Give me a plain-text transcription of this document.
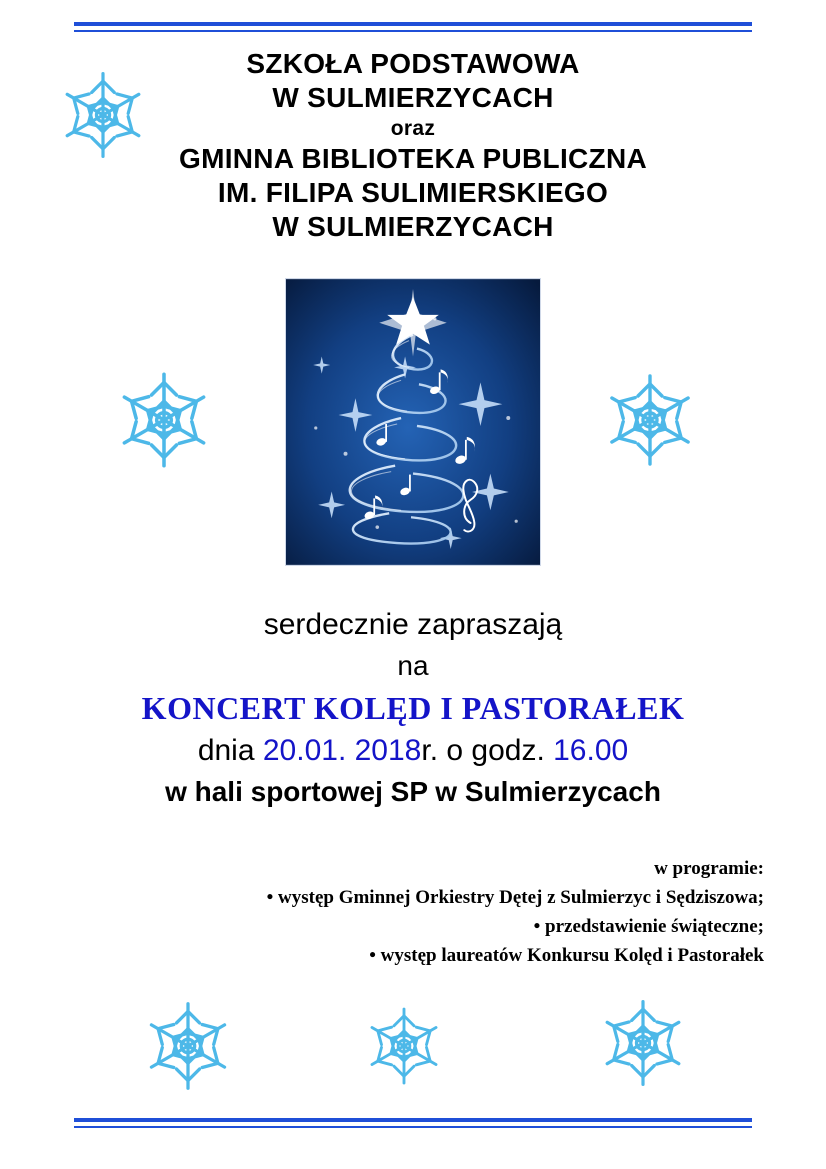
SZKOŁA PODSTAWOWA
W SULMIERZYCACH
oraz
GMINNA BIBLIOTEKA PUBLICZNA
IM. FILIPA SULIMIERSKIEGO
W SULMIERZYCACH
serdecznie zapraszają
na
KONCERT KOLĘD I PASTORAŁEK
dnia 20.01. 2018r. o godz. 16.00
w hali sportowej SP w Sulmierzycach
w programie:
• występ Gminnej Orkiestry Dętej z Sulmierzyc i Sędziszowa;
• przedstawienie świąteczne;
• występ laureatów Konkursu Kolęd i Pastorałek
